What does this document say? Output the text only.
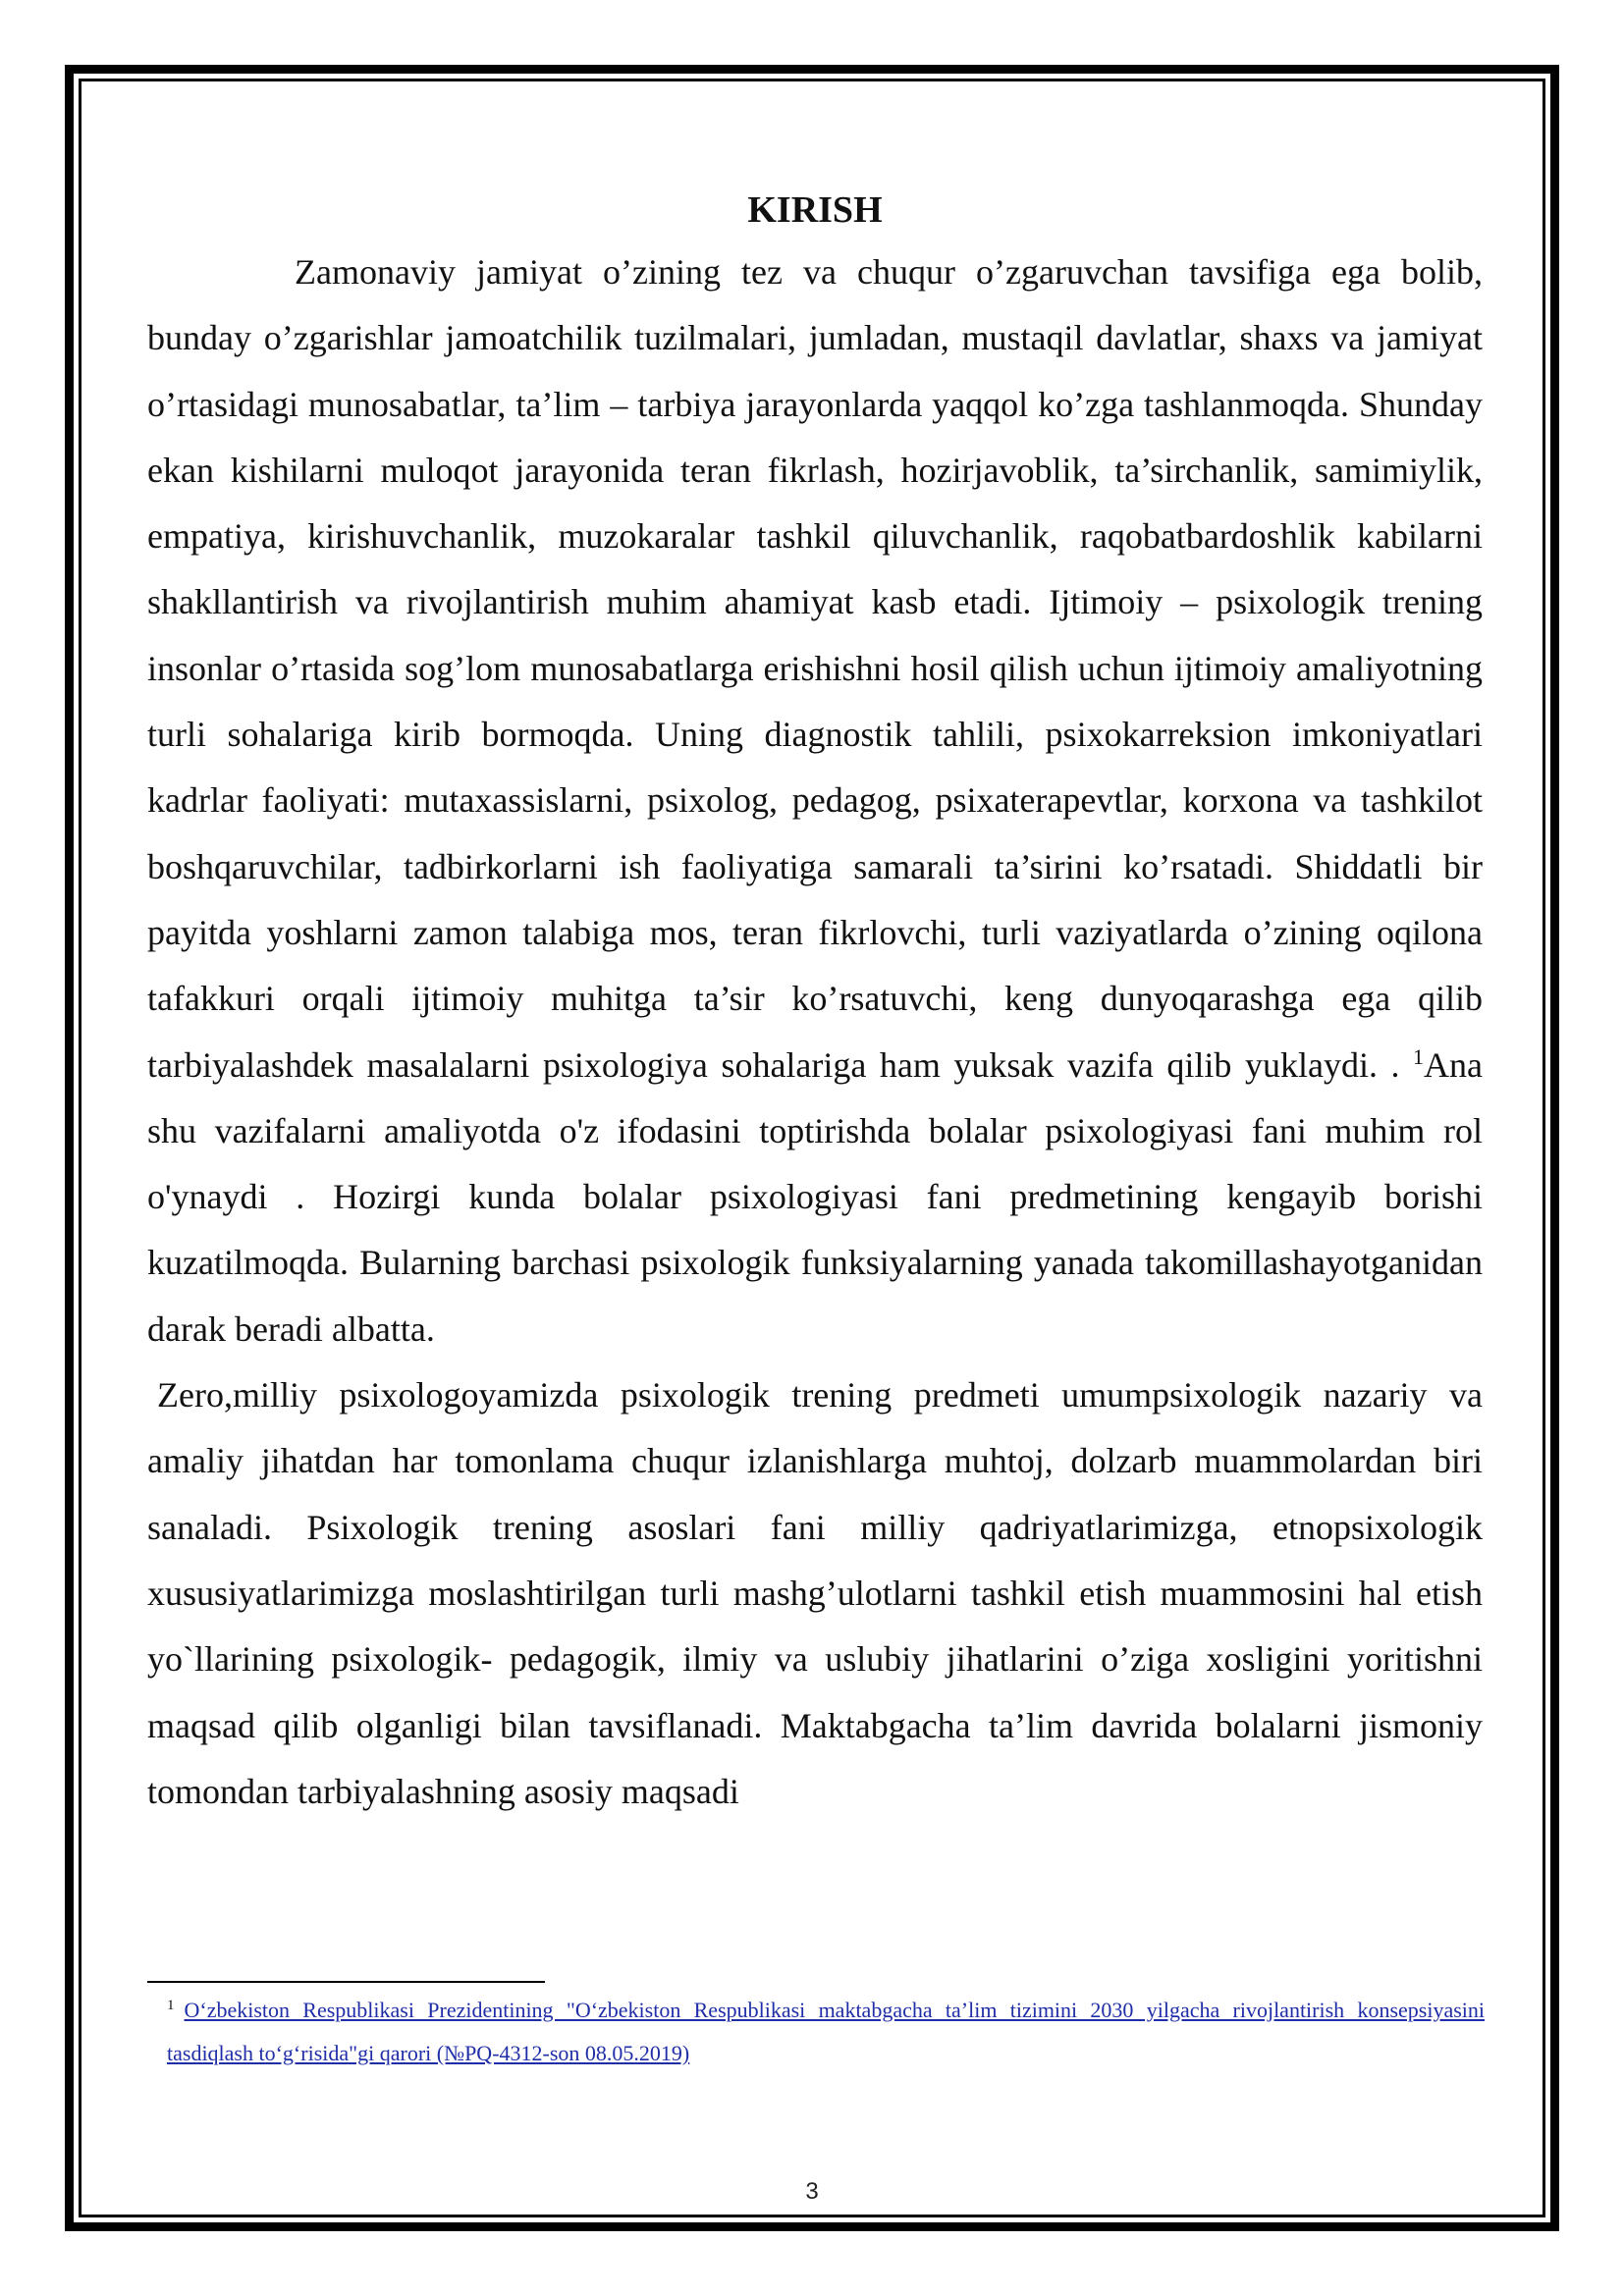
KIRISH

Zamonaviy jamiyat o’zining tez va chuqur o’zgaruvchan tavsifiga ega bolib, bunday o’zgarishlar jamoatchilik tuzilmalari, jumladan, mustaqil davlatlar, shaxs va jamiyat o’rtasidagi munosabatlar, ta’lim – tarbiya jarayonlarda yaqqol ko’zga tashlanmoqda. Shunday ekan kishilarni muloqot jarayonida teran fikrlash, hozirjavoblik, ta’sirchanlik, samimiylik, empatiya, kirishuvchanlik, muzokaralar tashkil qiluvchanlik, raqobatbardoshlik kabilarni shakllantirish va rivojlantirish muhim ahamiyat kasb etadi. Ijtimoiy – psixologik trening insonlar o’rtasida sog’lom munosabatlarga erishishni hosil qilish uchun ijtimoiy amaliyotning turli sohalariga kirib bormoqda. Uning diagnostik tahlili, psixokarreksion imkoniyatlari kadrlar faoliyati: mutaxassislarni, psixolog, pedagog, psixaterapevtlar, korxona va tashkilot boshqaruvchilar, tadbirkorlarni ish faoliyatiga samarali ta’sirini ko’rsatadi. Shiddatli bir payitda yoshlarni zamon talabiga mos, teran fikrlovchi, turli vaziyatlarda o’zining oqilona tafakkuri orqali ijtimoiy muhitga ta’sir ko’rsatuvchi, keng dunyoqarashga ega qilib tarbiyalashdek masalalarni psixologiya sohalariga ham yuksak vazifa qilib yuklaydi. . $^1$Ana shu vazifalarni amaliyotda o'z ifodasini toptirishda bolalar psixologiyasi fani muhim rol o'ynaydi . Hozirgi kunda bolalar psixologiyasi fani predmetining kengayib borishi kuzatilmoqda. Bularning barchasi psixologik funksiyalarning yanada takomillashayotganidan darak beradi albatta.

Zero,milliy psixologoyamizda psixologik trening predmeti umumpsixologik nazariy va amaliy jihatdan har tomonlama chuqur izlanishlarga muhtoj, dolzarb muammolardan biri sanaladi. Psixologik trening asoslari fani milliy qadriyatlarimizga, etnopsixologik xususiyatlarimizga moslashtirilgan turli mashg’ulotlarni tashkil etish muammosini hal etish yo`llarining psixologik- pedagogik, ilmiy va uslubiy jihatlarini o’ziga xosligini yoritishni maqsad qilib olganligi bilan tavsiflanadi. Maktabgacha ta’lim davrida bolalarni jismoniy tomondan tarbiyalashning asosiy maqsadi

$^1$ O‘zbekiston Respublikasi Prezidentining "O‘zbekiston Respublikasi maktabgacha ta’lim tizimini 2030 yilgacha rivojlantirish konsepsiyasini tasdiqlash to‘g‘risida"gi qarori (№PQ-4312-son 08.05.2019)

3
